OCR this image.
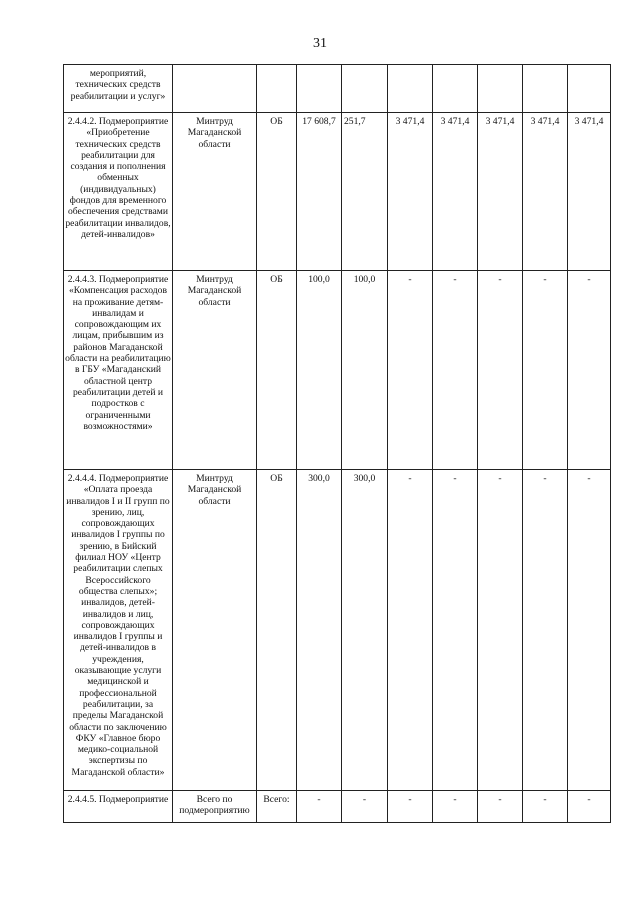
31
мероприятий, технических средств реабилитации и услуг»									
2.4.4.2. Подмероприятие «Приобретение технических средств реабилитации для создания и пополнения обменных (индивидуальных) фондов для временного обеспечения средствами реабилитации инвалидов, детей-инвалидов»	Минтруд Магаданской области	ОБ	17 608,7	251,7	3 471,4	3 471,4	3 471,4	3 471,4	3 471,4
2.4.4.3. Подмероприятие «Компенсация расходов на проживание детям-инвалидам и сопровождающим их лицам, прибывшим из районов Магаданской области на реабилитацию в ГБУ «Магаданский областной центр реабилитации детей и подростков с ограниченными возможностями»	Минтруд Магаданской области	ОБ	100,0	100,0	-	-	-	-	-
2.4.4.4. Подмероприятие «Оплата проезда инвалидов I и II групп по зрению, лиц, сопровождающих инвалидов I группы по зрению, в Бийский филиал НОУ «Центр реабилитации слепых Всероссийского общества слепых»; инвалидов, детей-инвалидов и лиц, сопровождающих инвалидов I группы и детей-инвалидов в учреждения, оказывающие услуги медицинской и профессиональной реабилитации, за пределы Магаданской области по заключению ФКУ «Главное бюро медико-социальной экспертизы по Магаданской области»	Минтруд Магаданской области	ОБ	300,0	300,0	-	-	-	-	-
2.4.4.5. Подмероприятие	Всего по подмероприятию	Всего:	-	-	-	-	-	-	-
